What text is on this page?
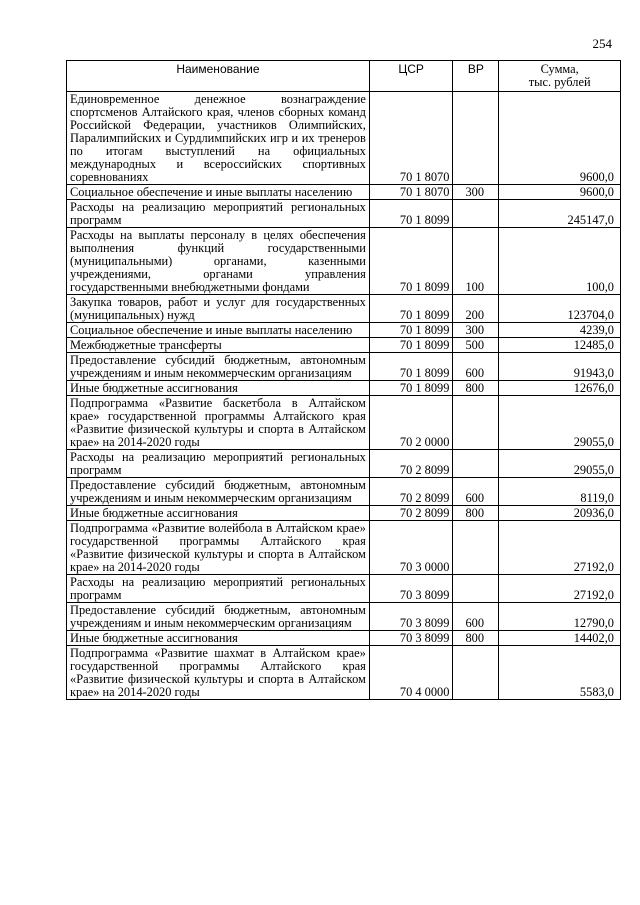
254
Наименование	ЦСР	ВР	Сумма,
тыс. рублей

Единовременное денежное вознаграждение спортсменов Алтайского края, членов сборных команд Российской Федерации, участников Олимпийских, Паралимпийских и Сурдлимпийских игр и их тренеров по итогам выступлений на официальных международных и всероссийских спортивных соревнованиях	70 1 8070		9600,0
Социальное обеспечение и иные выплаты населению	70 1 8070	300	9600,0
Расходы на реализацию мероприятий региональных программ	70 1 8099		245147,0
Расходы на выплаты персоналу в целях обеспечения выполнения функций государственными (муниципальными) органами, казенными учреждениями, органами управления государственными внебюджетными фондами	70 1 8099	100	100,0
Закупка товаров, работ и услуг для государственных (муниципальных) нужд	70 1 8099	200	123704,0
Социальное обеспечение и иные выплаты населению	70 1 8099	300	4239,0
Межбюджетные трансферты	70 1 8099	500	12485,0
Предоставление субсидий бюджетным, автономным учреждениям и иным некоммерческим организациям	70 1 8099	600	91943,0
Иные бюджетные ассигнования	70 1 8099	800	12676,0
Подпрограмма «Развитие баскетбола в Алтайском крае» государственной программы Алтайского края «Развитие физической культуры и спорта в Алтайском крае» на 2014-2020 годы	70 2 0000		29055,0
Расходы на реализацию мероприятий региональных программ	70 2 8099		29055,0
Предоставление субсидий бюджетным, автономным учреждениям и иным некоммерческим организациям	70 2 8099	600	8119,0
Иные бюджетные ассигнования	70 2 8099	800	20936,0
Подпрограмма «Развитие волейбола в Алтайском крае» государственной программы Алтайского края «Развитие физической культуры и спорта в Алтайском крае» на 2014-2020 годы	70 3 0000		27192,0
Расходы на реализацию мероприятий региональных программ	70 3 8099		27192,0
Предоставление субсидий бюджетным, автономным учреждениям и иным некоммерческим организациям	70 3 8099	600	12790,0
Иные бюджетные ассигнования	70 3 8099	800	14402,0
Подпрограмма «Развитие шахмат в Алтайском крае» государственной программы Алтайского края «Развитие физической культуры и спорта в Алтайском крае» на 2014-2020 годы	70 4 0000		5583,0
